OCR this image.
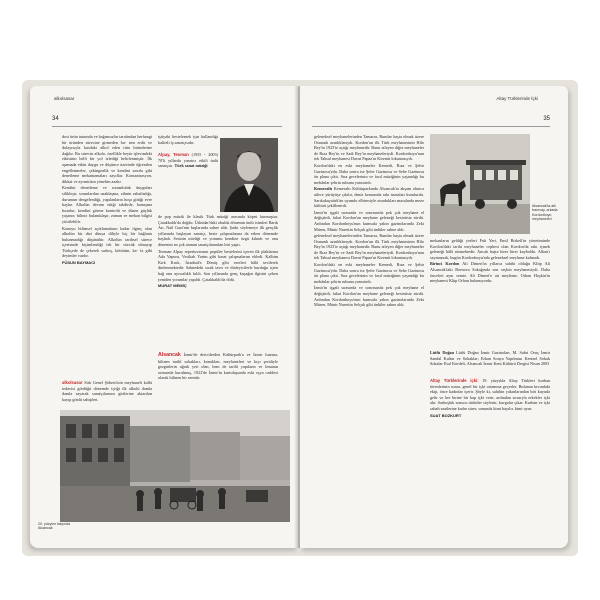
alkolsasar
34

dost ürün tutumda ve bağımsızlar tarafından herhangi bir üründen sürecine girmeden hu- nen erdir ve dolayısıyla kusdaki alkol eden tüm birimlerine dağılır. Bu sürecin alkolo, özellikle beyin işlevindeki etkisinin belli bir yol izlediği belirlenmiştir. İlk aşamada etkin duygu ve düşünce üzerinde öğrenilen engellenmeler, çekingenlik ve kendini sınırla gibi denetleme mekanizmaları zayıflar. Konsantrasyon, dikkat ve ayrıntılara yönelim azalır.

Kendini denetleme ve sorumluluk duyguları silikleşir, sorunlardan uzaklaşma, zihnin rahatladığı, durumun dengelendiği, yapılanların hoşa gittiği evre başlar. Alkolün devam ettiği takdirde, konuşma bozulur, kendini görme kontrolü ve düzen güçlük yaşanır; bilinci bulanıklaşır, zaman ve mekan bilgisi yitirilebilir.

Konuyu bilimsel açıklamaların kadar ilginç olan alkolün bir dizi dünya diliyle hiç bir bağlantı bulunmadığı düşünülür. Alkolün tarihsel sürece içerisinde biçimlendiği tek bir sözcük olmayıp Türkçede de çekerek sarhoş, kötürüm, ka- fa gibi deyimler vardır.

FÜSUN BAYMACI

iştiyaki bestelemek için kullandığı kaliteli iş sanatçısıdır.

Alpay, Teoman (1935 - 2003) 70'li yıllarda yaratıcı etkili ünlü sanatçısı. Türk sanat müziği

de pop müzik ile klasik Türk müziği arasında köprü kurmuştur. Çatakkaldı'da doğdu. Üsküdar'daki okulda dönemin ünlü isimleri Barık Arı, Nail Gazi'nin başlarında sahne aldı. Şarkı söylemeye ilk gençlik yıllarında başlayan sanatçı, beste çalışmalarına da erken dönemde başladı. Sesinin niteliği ve yorumu kendine özgü kılındı ve onu dönemin en çok aranan sanatçılarından biri yaptı.

Teoman Alpay repertuvarının popüler bestelerini içeren ilk plaklarına Ada Vapuru, Vesikalı Yarim gibi kaset çalışmalarını ekledi. Kalbim Kırk Kırık, İstanbul'a Dönüş gibi eserleri hâlâ sevilerek dinlenmektedir. Sahnedeki sıcak tavrı ve dinleyicilerle kurduğu içten bağ onu ayrıcalıklı kıldı. Son yıllarında genç kuşağın ilgisini çeken yeniden yorumlar yapıldı. Çatakkaldı'da öldü.

MURAT MEMİÇ

alkolsasar Sirk Genel Şöhreti'nin meyhaneli kalbi tedavisi gördüğü dönemde içtiği ilk alkolü damla damla sayarak sanatçılarının gözlerine aktarılan kayıp gönlü sahipleri.

Alsancak İzmir'de dericilerden Kültürpark'a ve İzmir fuarına, bilinen tarihî sokakları, konakları, meyhaneleri ve kıyı şeridiyle gezginlerin uğrak yeri olan, hem de tarihî yapıların ve limanın ortasında kurulmuş, 1922'de İzmir'in kurtuluşunda eski eşya caddesi olarak bilinen bir semttir.

20. yüzyılın başında Alsancak
Altay Türklerinde İçki
35

geleneksel meyhanelerinden Tamarra, Rumlar başta olmak üzere Osmanlı azınlıklarıydı. Kordon'un ilk Türk meyhanesinin Hilo Bey'in 1923'te açtığı meyhanedir. Bunu izleyen diğer meyhaneler de Rıza Bey'in ve Sadi Bey'in meyhaneleriydi. Kordonboyu'nun tek Tahsal meyhanesi Davut Papaz'ın Kiremit lokantasıydı.

Kordon'daki en eski meyhaneler Kemerli, Rıza ve Şehir Gazinosu'ydu. Daha sonra ise Şefer Gazinosu ve Sebe Gazinosu ön plana çıktı. Sıra gecelerinin ve fasıl müziğinin yaşandığı bu mekânlar şehrin ruhunu yansıtırdı.

Kemeraltı Kemeraltı Kültürparkında Alsancak'ta akşam olunca ailece yürüyüşe çıkılır, deniz kenarında rakı masaları kurulurdu. Sarıkakaçıtürk'ün uyumlu elbisesiyle oturdukları masalarda meze kültürü şekillenirdi.

İzmir'in işgali sırasında ve sonrasında pek çok meyhane el değiştirdi, fakat Kordon'un meyhane geleneği kesintisiz sürdü. Ardından Kordonboyu'nun kumsala yakın gazinolarında Zeki Müren, Münir Nurettin Selçuk gibi ünlüler sahne aldı.

geleneksel meyhanelerinden Tamarra, Rumlar başta olmak üzere Osmanlı azınlıklarıydı. Kordon'un ilk Türk meyhanesinin Hilo Bey'in 1923'te açtığı meyhanedir. Bunu izleyen diğer meyhaneler de Rıza Bey'in ve Sadi Bey'in meyhaneleriydi. Kordonboyu'nun tek Tahsal meyhanesi Davut Papaz'ın Kiremit lokantasıydı.

Kordon'daki en eski meyhaneler Kemerli, Rıza ve Şehir Gazinosu'ydu. Daha sonra ise Şefer Gazinosu ve Sebe Gazinosu ön plana çıktı. Sıra gecelerinin ve fasıl müziğinin yaşandığı bu mekânlar şehrin ruhunu yansıtırdı.

İzmir'in işgali sırasında ve sonrasında pek çok meyhane el değiştirdi, fakat Kordon'un meyhane geleneği kesintisiz sürdü. Ardından Kordonboyu'nun kumsala yakın gazinolarında Zeki Müren, Münir Nurettin Selçuk gibi ünlüler sahne aldı.

Alsancak'ta atlı tramvay, arkada Kordonboyu meyhaneleri

mekanların geldiği yerleri Fuh Yeri, Emil Birkeli'in yönetiminde Kordon'daki tarihi meyhaneler cephesi olan Kordon'da rakı içmek geleneği hâlâ sürmektedir. Ancak başta birer birer kayboldu. Alkan'ı saymazsak, bugün Kordonboyu'nda geleneksel meyhane kalmadı.

Birinci Kordon Ali Dimeri'in yıllarca sahibi olduğu Kliip Ali Alsancak'taki Bornova Sokağında son seçkin meyhanesiydi. Daha önceleri aynı semte, Ali Dimeri'e ait meyhane, Orhan Hoşkin'in meyhanesi Klüp Orhan bulunuyordu.

Lütfü Doğan Lütfü Doğan İzmir Gazinoları, M. Sabri Oruç İzmir Sandal Kultur ve Sokaklar; Erkan Sonya Yapılması Kentsel Sokak Sokalar Esal Kördeli, Alsancak İzmir Kent Kültürü Dergisi Nisan 2003

Altay Türklerinde içki: 19. yüzyılda Altay Türkleri kurban törenlerinin sonra, genel bir içki ortamına geçerler. Bulunan kıvındaki ekip, önce kadınlar içerir. Şöyle ki, sahibin yakınlarından biri kuyuda gelir ve her birine bir kap içki verir, ardından sırasıyla erkekler içki alır. Sarhoşluk sonucu türküler söylenir, kavgalar çıkar. Kurban ve içki sabah saatlerine kadar sürer, sonunda kimi bayılır, kimi uyur.

SUAT BOZKURT
